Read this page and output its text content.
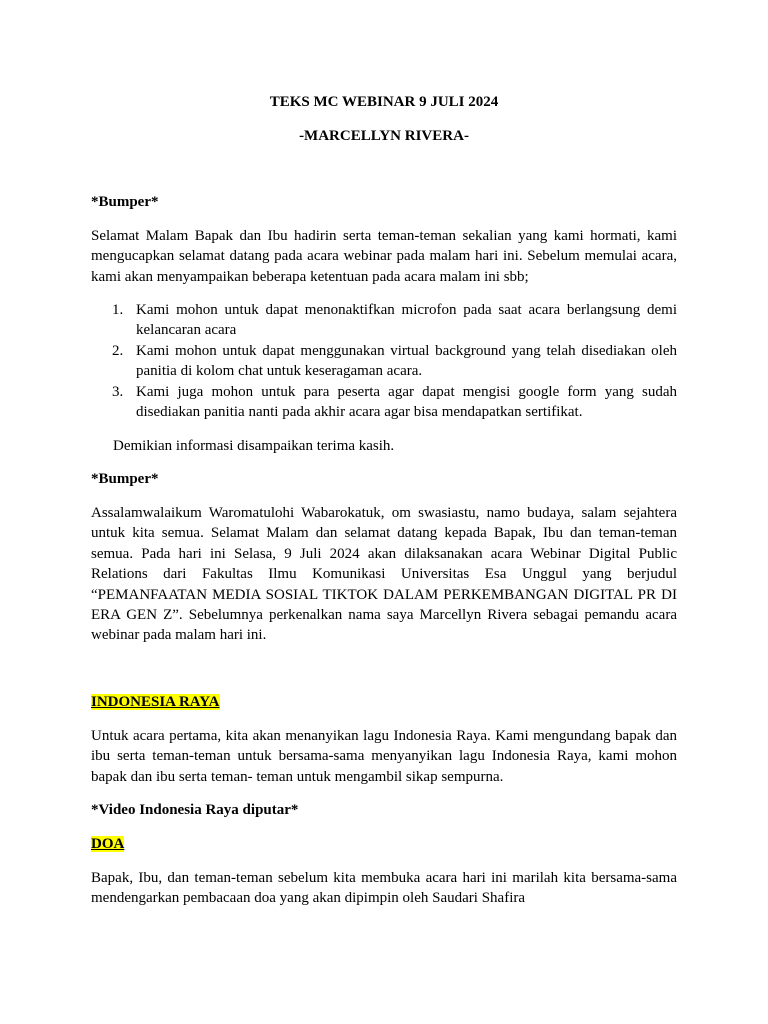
TEKS MC WEBINAR 9 JULI 2024
-MARCELLYN RIVERA-
*Bumper*
Selamat Malam Bapak dan Ibu hadirin serta teman-teman sekalian yang kami hormati, kami mengucapkan selamat datang pada acara webinar pada malam hari ini. Sebelum memulai acara, kami akan menyampaikan beberapa ketentuan pada acara malam ini sbb;
1. Kami mohon untuk dapat menonaktifkan microfon pada saat acara berlangsung demi kelancaran acara
2. Kami mohon untuk dapat menggunakan virtual background yang telah disediakan oleh panitia di kolom chat untuk keseragaman acara.
3. Kami juga mohon untuk para peserta agar dapat mengisi google form yang sudah disediakan panitia nanti pada akhir acara agar bisa mendapatkan sertifikat.
Demikian informasi disampaikan terima kasih.
*Bumper*
Assalamwalaikum Waromatulohi Wabarokatuk, om swasiastu, namo budaya, salam sejahtera untuk kita semua. Selamat Malam dan selamat datang kepada Bapak, Ibu dan teman-teman semua. Pada hari ini Selasa, 9 Juli 2024 akan dilaksanakan acara Webinar Digital Public Relations dari Fakultas Ilmu Komunikasi Universitas Esa Unggul yang berjudul “PEMANFAATAN MEDIA SOSIAL TIKTOK DALAM PERKEMBANGAN DIGITAL PR DI ERA GEN Z”. Sebelumnya perkenalkan nama saya Marcellyn Rivera sebagai pemandu acara webinar pada malam hari ini.
INDONESIA RAYA
Untuk acara pertama, kita akan menanyikan lagu Indonesia Raya. Kami mengundang bapak dan ibu serta teman-teman untuk bersama-sama menyanyikan lagu Indonesia Raya, kami mohon bapak dan ibu serta teman- teman untuk mengambil sikap sempurna.
*Video Indonesia Raya diputar*
DOA
Bapak, Ibu, dan teman-teman sebelum kita membuka acara hari ini marilah kita bersama-sama mendengarkan pembacaan doa yang akan dipimpin oleh Saudari Shafira
